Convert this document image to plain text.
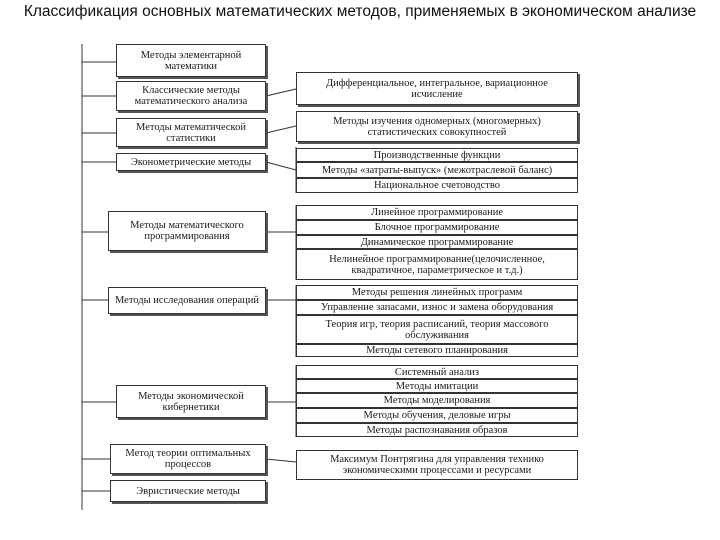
Классификация основных математических методов, применяемых в экономическом анализе
Методы элементарной математики
Классические методы математического анализа
Методы математической статистики
Эконометрические методы
Методы математического программирования
Методы исследования операций
Методы экономической кибернетики
Метод теории оптимальных процессов
Эвристические методы
Дифференциальное, интегральное, вариационное исчисление
Методы изучения одномерных (многомерных) статистических совокупностей
Производственные функции
Методы «затраты-выпуск» (межотраслевой баланс)
Национальное счетоводство
Линейное программирование
Блочное программирование
Динамическое программирование
Нелинейное программирование(целочисленное, квадратичное, параметрическое и т.д.)
Методы решения линейных программ
Управление запасами, износ и замена оборудования
Теория игр, теория расписаний, теория массового обслуживания
Методы сетевого планирования
Системный анализ
Методы имитации
Методы моделирования
Методы обучения, деловые игры
Методы распознавания образов
Максимум Понтрягина для управления технико экономическими процессами и ресурсами
